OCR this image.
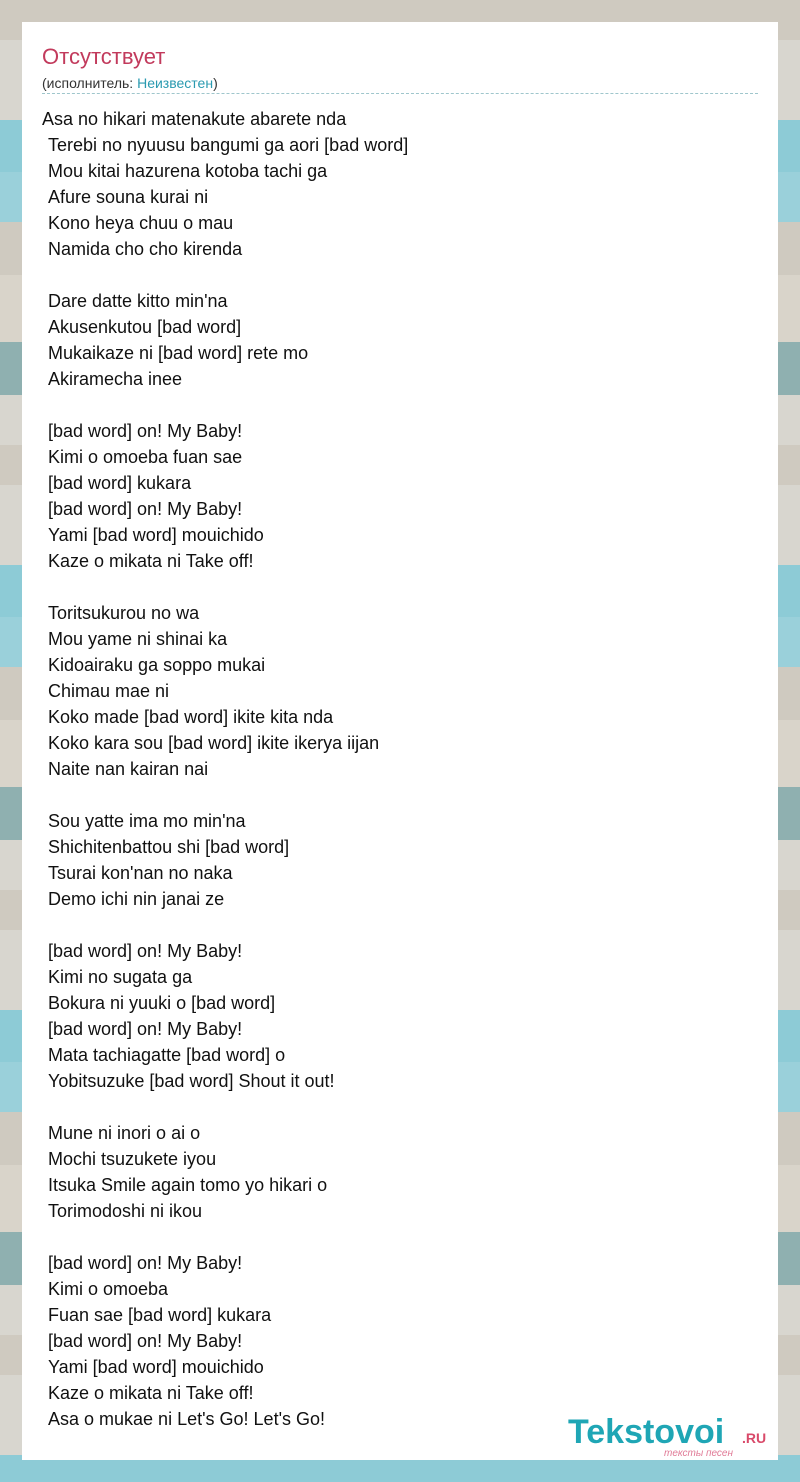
Отсутствует
(исполнитель: Неизвестен)
Asa no hikari matenakute abarete nda
Terebi no nyuusu bangumi ga aori [bad word]
Mou kitai hazurena kotoba tachi ga
Afure souna kurai ni
Kono heya chuu o mau
Namida cho cho kirenda
Dare datte kitto min'na
Akusenkutou [bad word]
Mukaikaze ni [bad word] rete mo
Akiramecha inee
[bad word] on! My Baby!
Kimi o omoeba fuan sae
[bad word] kukara
[bad word] on! My Baby!
Yami [bad word] mouichido
Kaze o mikata ni Take off!
Toritsukurou no wa
Mou yame ni shinai ka
Kidoairaku ga soppo mukai
Chimau mae ni
Koko made [bad word] ikite kita nda
Koko kara sou [bad word] ikite ikerya iijan
Naite nan kairan nai
Sou yatte ima mo min'na
Shichitenbattou shi [bad word]
Tsurai kon'nan no naka
Demo ichi nin janai ze
[bad word] on! My Baby!
Kimi no sugata ga
Bokura ni yuuki o [bad word]
[bad word] on! My Baby!
Mata tachiagatte [bad word] o
Yobitsuzuke [bad word] Shout it out!
Mune ni inori o ai o
Mochi tsuzukete iyou
Itsuka Smile again tomo yo hikari o
Torimodoshi ni ikou
[bad word] on! My Baby!
Kimi o omoeba
Fuan sae [bad word] kukara
[bad word] on! My Baby!
Yami [bad word] mouichido
Kaze o mikata ni Take off!
Asa o mukae ni Let's Go! Let's Go!	Tekstovoi .RU
тексты песен
